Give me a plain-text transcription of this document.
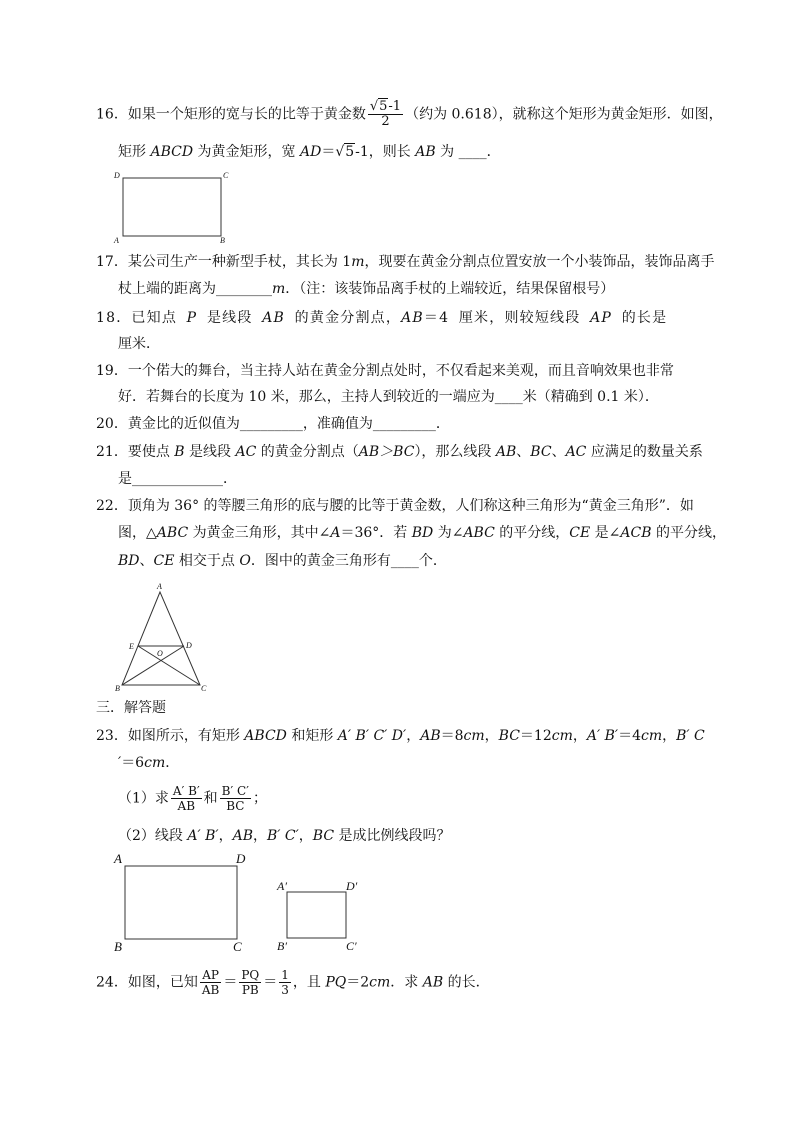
16．如果一个矩形的宽与长的比等于黄金数 $\frac{√5-1}{2}$ （约为 0.618），就称这个矩形为黄金矩形．如图，
矩形 ABCD 为黄金矩形，宽 AD＝√5-1，则长 AB 为 ____．
D	C
A	B
17．某公司生产一种新型手杖，其长为 1m，现要在黄金分割点位置安放一个小装饰品，装饰品离手
杖上端的距离为________m．（注：该装饰品离手杖的上端较近，结果保留根号）
18．已知点 P 是线段 AB 的黄金分割点，AB＝4 厘米，则较短线段 AP 的长是
厘米．
19．一个偌大的舞台，当主持人站在黄金分割点处时，不仅看起来美观，而且音响效果也非常
好．若舞台的长度为 10 米，那么，主持人到较近的一端应为____米（精确到 0.1 米）．
20．黄金比的近似值为_________，准确值为_________．
21．要使点 B 是线段 AC 的黄金分割点（AB＞BC），那么线段 AB、BC、AC 应满足的数量关系
是_____________．
22．顶角为 36° 的等腰三角形的底与腰的比等于黄金数，人们称这种三角形为“黄金三角形”．如
图，△ABC 为黄金三角形，其中∠A＝36°．若 BD 为∠ABC 的平分线，CE 是∠ACB 的平分线，
BD、CE 相交于点 O．图中的黄金三角形有____个．
A
E	D
O
B	C
三．解答题
23．如图所示，有矩形 ABCD 和矩形 A′ B′ C′ D′，AB＝8cm，BC＝12cm，A′ B′＝4cm，B′ C
′＝6cm．
（1）求 $\frac{A' B'}{AB}$ 和 $\frac{B' C'}{BC}$ ；
（2）线段 A′ B′，AB，B′ C′，BC 是成比例线段吗？
A	D
B	C
A′	D′
B′	C′
24．如图，已知 $\frac{AP}{AB} = \frac{PQ}{PB} = \frac{1}{3}$ ，且 PQ＝2cm．求 AB 的长．
